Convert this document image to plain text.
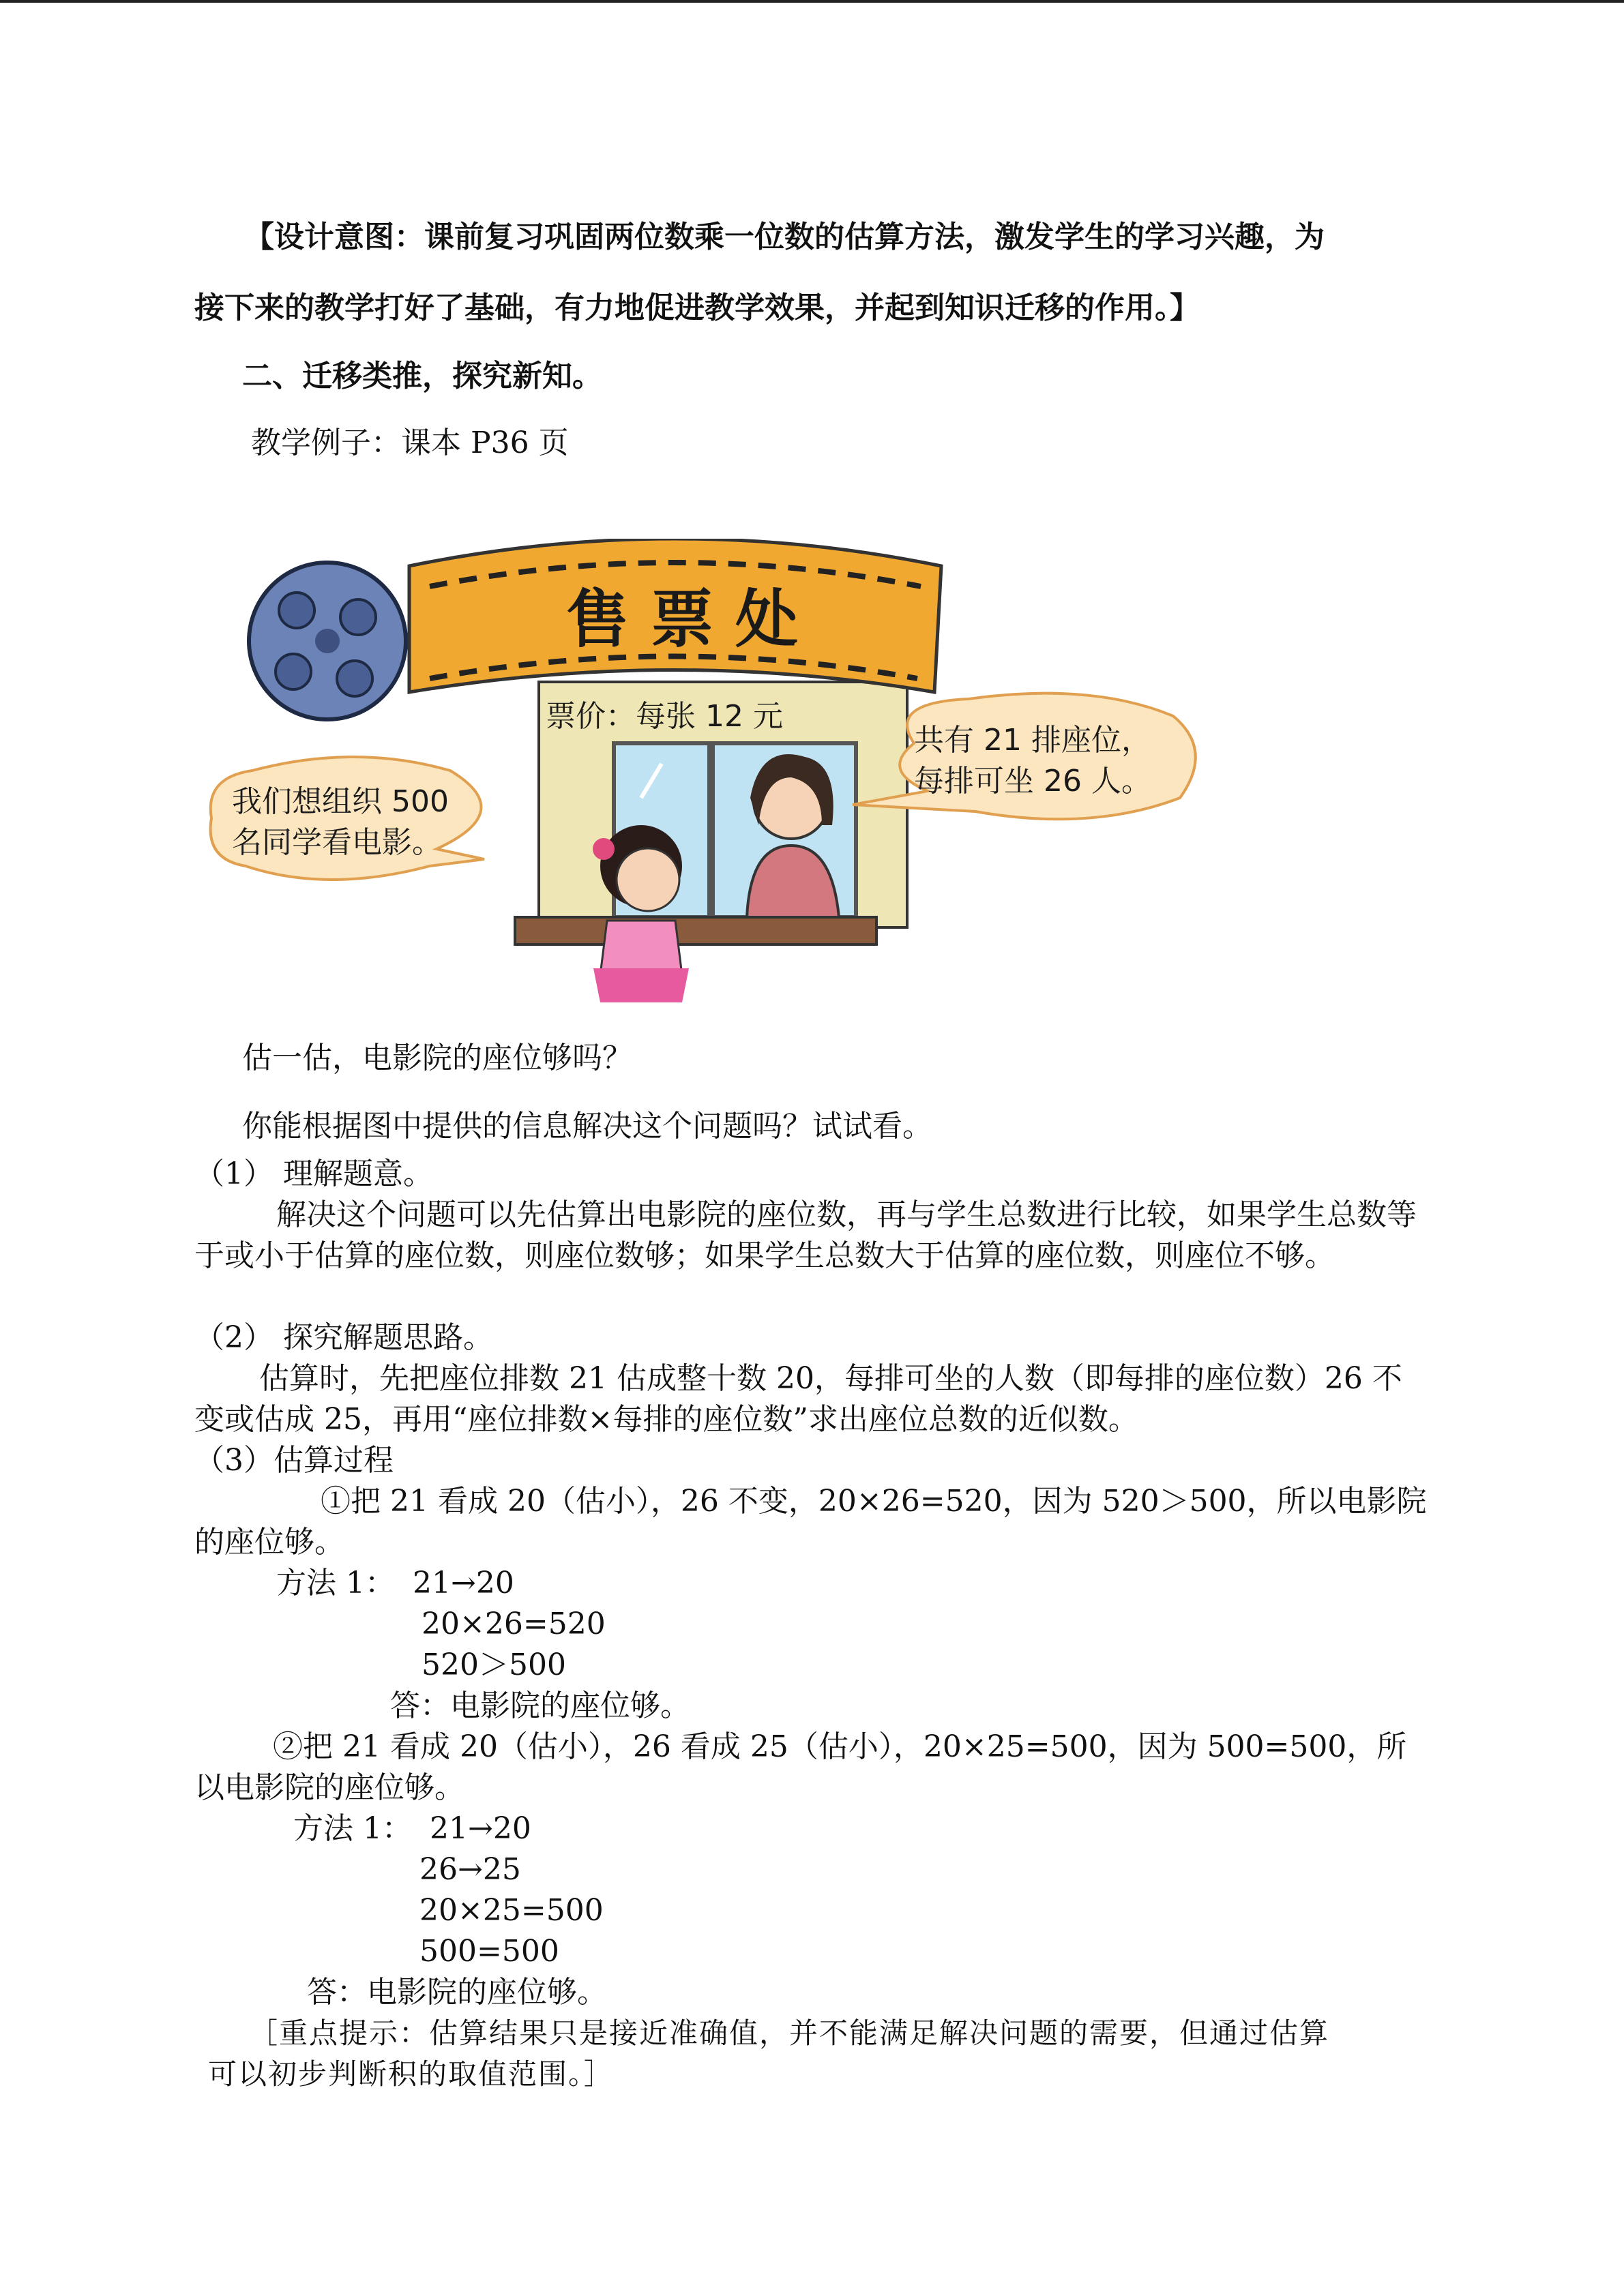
【设计意图：课前复习巩固两位数乘一位数的估算方法，激发学生的学习兴趣，为
接下来的教学打好了基础，有力地促进教学效果，并起到知识迁移的作用。】
二、迁移类推，探究新知。
教学例子：课本 P36 页
售 票 处
票价：每张 12 元
我们想组织 500
名同学看电影。
共有 21 排座位，
每排可坐 26 人。
估一估，电影院的座位够吗？
你能根据图中提供的信息解决这个问题吗？试试看。
（1） 理解题意。
解决这个问题可以先估算出电影院的座位数，再与学生总数进行比较，如果学生总数等于或小于估算的座位数，则座位数够；如果学生总数大于估算的座位数，则座位不够。
（2） 探究解题思路。
估算时，先把座位排数 21 估成整十数 20，每排可坐的人数（即每排的座位数）26 不变或估成 25，再用“座位排数×每排的座位数”求出座位总数的近似数。
（3）估算过程
①把 21 看成 20（估小），26 不变，20×26=520，因为 520＞500，所以电影院的座位够。
方法 1： 21→20
20×26=520
520＞500
答：电影院的座位够。
②把 21 看成 20（估小），26 看成 25（估小），20×25=500，因为 500=500，所以电影院的座位够。
方法 1： 21→20
26→25
20×25=500
500=500
答：电影院的座位够。
［重点提示：估算结果只是接近准确值，并不能满足解决问题的需要，但通过估算
可以初步判断积的取值范围。］
